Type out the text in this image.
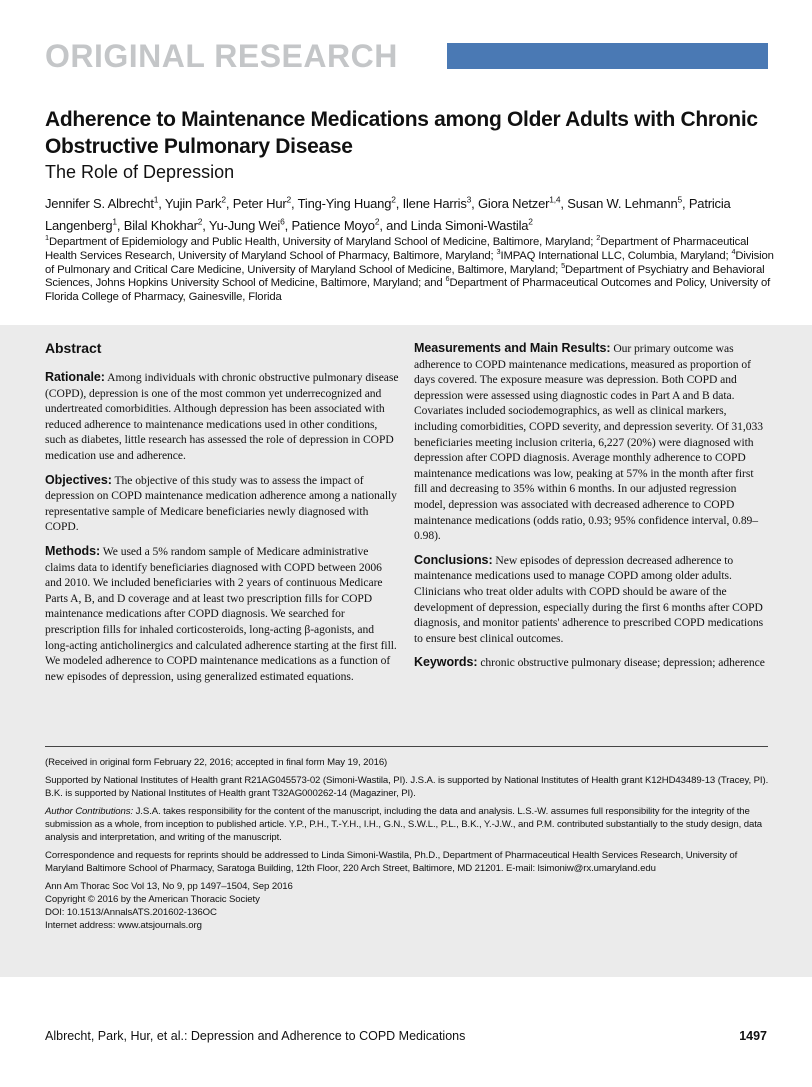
ORIGINAL RESEARCH
Adherence to Maintenance Medications among Older Adults with Chronic Obstructive Pulmonary Disease
The Role of Depression
Jennifer S. Albrecht$^1$, Yujin Park$^2$, Peter Hur$^2$, Ting-Ying Huang$^2$, Ilene Harris$^3$, Giora Netzer$^{1,4}$, Susan W. Lehmann$^5$, Patricia Langenberg$^1$, Bilal Khokhar$^2$, Yu-Jung Wei$^6$, Patience Moyo$^2$, and Linda Simoni-Wastila$^2$
$^1$Department of Epidemiology and Public Health, University of Maryland School of Medicine, Baltimore, Maryland; $^2$Department of Pharmaceutical Health Services Research, University of Maryland School of Pharmacy, Baltimore, Maryland; $^3$IMPAQ International LLC, Columbia, Maryland; $^4$Division of Pulmonary and Critical Care Medicine, University of Maryland School of Medicine, Baltimore, Maryland; $^5$Department of Psychiatry and Behavioral Sciences, Johns Hopkins University School of Medicine, Baltimore, Maryland; and $^6$Department of Pharmaceutical Outcomes and Policy, University of Florida College of Pharmacy, Gainesville, Florida
Abstract

Rationale: Among individuals with chronic obstructive pulmonary disease (COPD), depression is one of the most common yet underrecognized and undertreated comorbidities. Although depression has been associated with reduced adherence to maintenance medications used in other conditions, such as diabetes, little research has assessed the role of depression in COPD medication use and adherence.

Objectives: The objective of this study was to assess the impact of depression on COPD maintenance medication adherence among a nationally representative sample of Medicare beneficiaries newly diagnosed with COPD.

Methods: We used a 5% random sample of Medicare administrative claims data to identify beneficiaries diagnosed with COPD between 2006 and 2010. We included beneficiaries with 2 years of continuous Medicare Parts A, B, and D coverage and at least two prescription fills for COPD maintenance medications after COPD diagnosis. We searched for prescription fills for inhaled corticosteroids, long-acting β-agonists, and long-acting anticholinergics and calculated adherence starting at the first fill. We modeled adherence to COPD maintenance medications as a function of new episodes of depression, using generalized estimated equations.

Measurements and Main Results: Our primary outcome was adherence to COPD maintenance medications, measured as proportion of days covered. The exposure measure was depression. Both COPD and depression were assessed using diagnostic codes in Part A and B data. Covariates included sociodemographics, as well as clinical markers, including comorbidities, COPD severity, and depression severity. Of 31,033 beneficiaries meeting inclusion criteria, 6,227 (20%) were diagnosed with depression after COPD diagnosis. Average monthly adherence to COPD maintenance medications was low, peaking at 57% in the month after first fill and decreasing to 35% within 6 months. In our adjusted regression model, depression was associated with decreased adherence to COPD maintenance medications (odds ratio, 0.93; 95% confidence interval, 0.89–0.98).

Conclusions: New episodes of depression decreased adherence to maintenance medications used to manage COPD among older adults. Clinicians who treat older adults with COPD should be aware of the development of depression, especially during the first 6 months after COPD diagnosis, and monitor patients' adherence to prescribed COPD medications to ensure best clinical outcomes.

Keywords: chronic obstructive pulmonary disease; depression; adherence

(Received in original form February 22, 2016; accepted in final form May 19, 2016)

Supported by National Institutes of Health grant R21AG045573-02 (Simoni-Wastila, PI). J.S.A. is supported by National Institutes of Health grant K12HD43489-13 (Tracey, PI). B.K. is supported by National Institutes of Health grant T32AG000262-14 (Magaziner, PI).

Author Contributions: J.S.A. takes responsibility for the content of the manuscript, including the data and analysis. L.S.-W. assumes full responsibility for the integrity of the submission as a whole, from inception to published article. Y.P., P.H., T.-Y.H., I.H., G.N., S.W.L., P.L., B.K., Y.-J.W., and P.M. contributed substantially to the study design, data analysis and interpretation, and writing of the manuscript.

Correspondence and requests for reprints should be addressed to Linda Simoni-Wastila, Ph.D., Department of Pharmaceutical Health Services Research, University of Maryland Baltimore School of Pharmacy, Saratoga Building, 12th Floor, 220 Arch Street, Baltimore, MD 21201. E-mail: lsimoniw@rx.umaryland.edu

Ann Am Thorac Soc Vol 13, No 9, pp 1497–1504, Sep 2016
Copyright © 2016 by the American Thoracic Society
DOI: 10.1513/AnnalsATS.201602-136OC
Internet address: www.atsjournals.org
Albrecht, Park, Hur, et al.: Depression and Adherence to COPD Medications	1497
